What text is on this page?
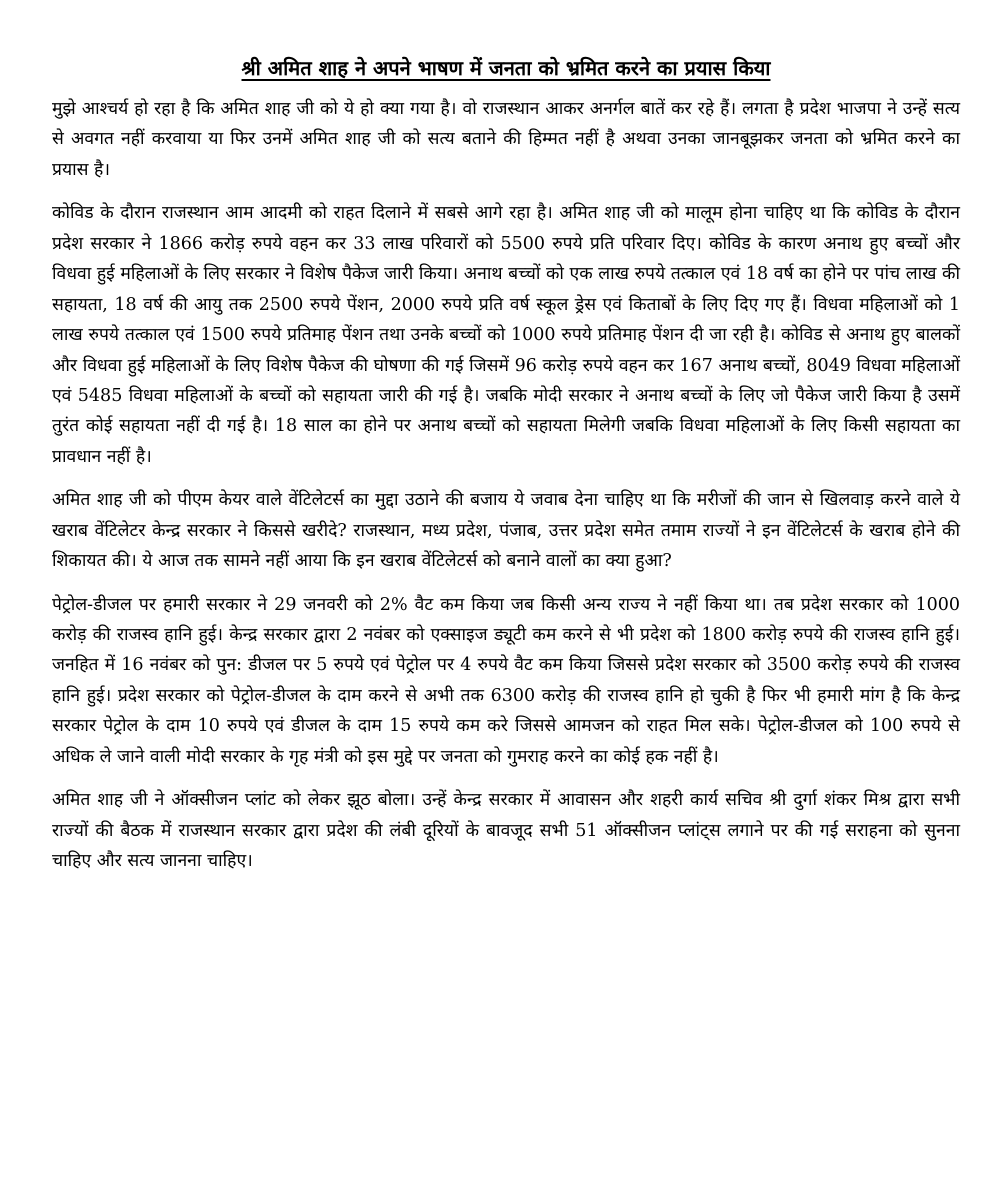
श्री अमित शाह ने अपने भाषण में जनता को भ्रमित करने का प्रयास किया

मुझे आश्चर्य हो रहा है कि अमित शाह जी को ये हो क्या गया है। वो राजस्थान आकर अनर्गल बातें कर रहे हैं। लगता है प्रदेश भाजपा ने उन्हें सत्य से अवगत नहीं करवाया या फिर उनमें अमित शाह जी को सत्य बताने की हिम्मत नहीं है अथवा उनका जानबूझकर जनता को भ्रमित करने का प्रयास है।

कोविड के दौरान राजस्थान आम आदमी को राहत दिलाने में सबसे आगे रहा है। अमित शाह जी को मालूम होना चाहिए था कि कोविड के दौरान प्रदेश सरकार ने 1866 करोड़ रुपये वहन कर 33 लाख परिवारों को 5500 रुपये प्रति परिवार दिए। कोविड के कारण अनाथ हुए बच्चों और विधवा हुई महिलाओं के लिए सरकार ने विशेष पैकेज जारी किया। अनाथ बच्चों को एक लाख रुपये तत्काल एवं 18 वर्ष का होने पर पांच लाख की सहायता, 18 वर्ष की आयु तक 2500 रुपये पेंशन, 2000 रुपये प्रति वर्ष स्कूल ड्रेस एवं किताबों के लिए दिए गए हैं। विधवा महिलाओं को 1 लाख रुपये तत्काल एवं 1500 रुपये प्रतिमाह पेंशन तथा उनके बच्चों को 1000 रुपये प्रतिमाह पेंशन दी जा रही है। कोविड से अनाथ हुए बालकों और विधवा हुई महिलाओं के लिए विशेष पैकेज की घोषणा की गई जिसमें 96 करोड़ रुपये वहन कर 167 अनाथ बच्चों, 8049 विधवा महिलाओं एवं 5485 विधवा महिलाओं के बच्चों को सहायता जारी की गई है। जबकि मोदी सरकार ने अनाथ बच्चों के लिए जो पैकेज जारी किया है उसमें तुरंत कोई सहायता नहीं दी गई है। 18 साल का होने पर अनाथ बच्चों को सहायता मिलेगी जबकि विधवा महिलाओं के लिए किसी सहायता का प्रावधान नहीं है।

अमित शाह जी को पीएम केयर वाले वेंटिलेटर्स का मुद्दा उठाने की बजाय ये जवाब देना चाहिए था कि मरीजों की जान से खिलवाड़ करने वाले ये खराब वेंटिलेटर केन्द्र सरकार ने किससे खरीदे? राजस्थान, मध्य प्रदेश, पंजाब, उत्तर प्रदेश समेत तमाम राज्यों ने इन वेंटिलेटर्स के खराब होने की शिकायत की। ये आज तक सामने नहीं आया कि इन खराब वेंटिलेटर्स को बनाने वालों का क्या हुआ?

पेट्रोल-डीजल पर हमारी सरकार ने 29 जनवरी को 2% वैट कम किया जब किसी अन्य राज्य ने नहीं किया था। तब प्रदेश सरकार को 1000 करोड़ की राजस्व हानि हुई। केन्द्र सरकार द्वारा 2 नवंबर को एक्साइज ड्यूटी कम करने से भी प्रदेश को 1800 करोड़ रुपये की राजस्व हानि हुई। जनहित में 16 नवंबर को पुन: डीजल पर 5 रुपये एवं पेट्रोल पर 4 रुपये वैट कम किया जिससे प्रदेश सरकार को 3500 करोड़ रुपये की राजस्व हानि हुई। प्रदेश सरकार को पेट्रोल-डीजल के दाम करने से अभी तक 6300 करोड़ की राजस्व हानि हो चुकी है फिर भी हमारी मांग है कि केन्द्र सरकार पेट्रोल के दाम 10 रुपये एवं डीजल के दाम 15 रुपये कम करे जिससे आमजन को राहत मिल सके। पेट्रोल-डीजल को 100 रुपये से अधिक ले जाने वाली मोदी सरकार के गृह मंत्री को इस मुद्दे पर जनता को गुमराह करने का कोई हक नहीं है।

अमित शाह जी ने ऑक्सीजन प्लांट को लेकर झूठ बोला। उन्हें केन्द्र सरकार में आवासन और शहरी कार्य सचिव श्री दुर्गा शंकर मिश्र द्वारा सभी राज्यों की बैठक में राजस्थान सरकार द्वारा प्रदेश की लंबी दूरियों के बावजूद सभी 51 ऑक्सीजन प्लांट्स लगाने पर की गई सराहना को सुनना चाहिए और सत्य जानना चाहिए।
